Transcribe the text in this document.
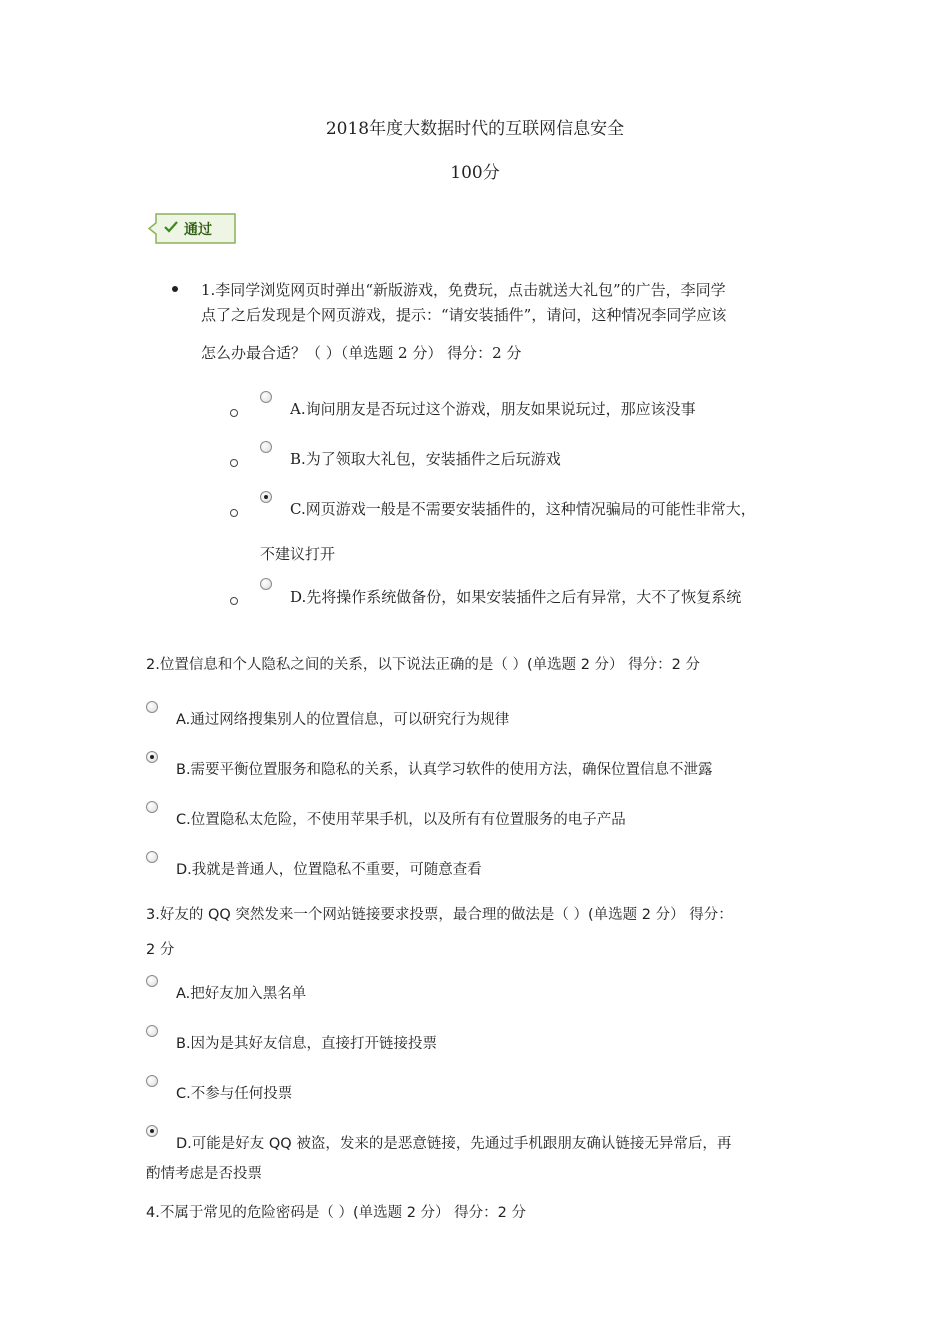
2018年度大数据时代的互联网信息安全
100分
通过
1.李同学浏览网页时弹出“新版游戏，免费玩，点击就送大礼包”的广告，李同学
点了之后发现是个网页游戏，提示：“请安装插件”，请问，这种情况李同学应该
怎么办最合适？（ ）（单选题 2 分） 得分：2 分
A.询问朋友是否玩过这个游戏，朋友如果说玩过，那应该没事
B.为了领取大礼包，安装插件之后玩游戏
C.网页游戏一般是不需要安装插件的，这种情况骗局的可能性非常大，
不建议打开
D.先将操作系统做备份，如果安装插件之后有异常，大不了恢复系统
2.位置信息和个人隐私之间的关系，以下说法正确的是（ ）(单选题 2 分） 得分：2 分
A.通过网络搜集别人的位置信息，可以研究行为规律
B.需要平衡位置服务和隐私的关系，认真学习软件的使用方法，确保位置信息不泄露
C.位置隐私太危险，不使用苹果手机，以及所有有位置服务的电子产品
D.我就是普通人，位置隐私不重要，可随意查看
3.好友的 QQ 突然发来一个网站链接要求投票，最合理的做法是（ ）(单选题 2 分） 得分：
2 分
A.把好友加入黑名单
B.因为是其好友信息，直接打开链接投票
C.不参与任何投票
D.可能是好友 QQ 被盗，发来的是恶意链接，先通过手机跟朋友确认链接无异常后，再
酌情考虑是否投票
4.不属于常见的危险密码是（ ）(单选题 2 分） 得分：2 分
